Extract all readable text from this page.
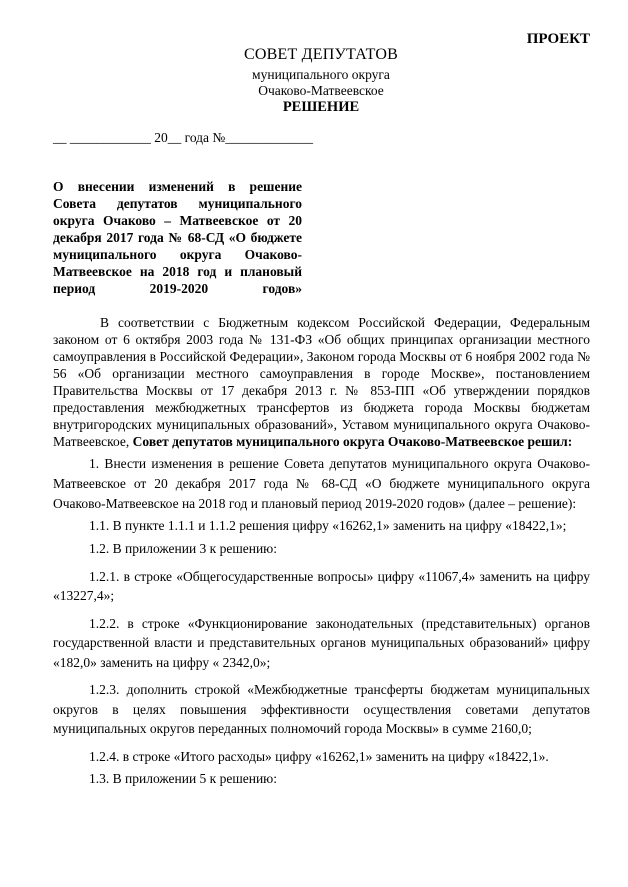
ПРОЕКТ
СОВЕТ ДЕПУТАТОВ
муниципального округа
Очаково-Матвеевское
РЕШЕНИЕ
__ ____________ 20__ года №_____________
О внесении изменений в решение Совета депутатов муниципального округа Очаково – Матвеевское от 20 декабря 2017 года № 68-СД «О бюджете муниципального округа Очаково-Матвеевское на 2018 год и плановый период 2019-2020 годов»

В соответствии с Бюджетным кодексом Российской Федерации, Федеральным законом от 6 октября 2003 года № 131-ФЗ «Об общих принципах организации местного самоуправления в Российской Федерации», Законом города Москвы от 6 ноября 2002 года № 56 «Об организации местного самоуправления в городе Москве», постановлением Правительства Москвы от 17 декабря 2013 г. № 853-ПП «Об утверждении порядков предоставления межбюджетных трансфертов из бюджета города Москвы бюджетам внутригородских муниципальных образований», Уставом муниципального округа Очаково-Матвеевское, Совет депутатов муниципального округа Очаково-Матвеевское решил:

1. Внести изменения в решение Совета депутатов муниципального округа Очаково-Матвеевское от 20 декабря 2017 года № 68-СД «О бюджете муниципального округа Очаково-Матвеевское на 2018 год и плановый период 2019-2020 годов» (далее – решение):

1.1. В пункте 1.1.1 и 1.1.2 решения цифру «16262,1» заменить на цифру «18422,1»;

1.2. В приложении 3 к решению:

1.2.1. в строке «Общегосударственные вопросы» цифру «11067,4» заменить на цифру «13227,4»;

1.2.2. в строке «Функционирование законодательных (представительных) органов государственной власти и представительных органов муниципальных образований» цифру «182,0» заменить на цифру « 2342,0»;

1.2.3. дополнить строкой «Межбюджетные трансферты бюджетам муниципальных округов в целях повышения эффективности осуществления советами депутатов муниципальных округов переданных полномочий города Москвы» в сумме 2160,0;

1.2.4. в строке «Итого расходы» цифру «16262,1» заменить на цифру «18422,1».

1.3. В приложении 5 к решению:
